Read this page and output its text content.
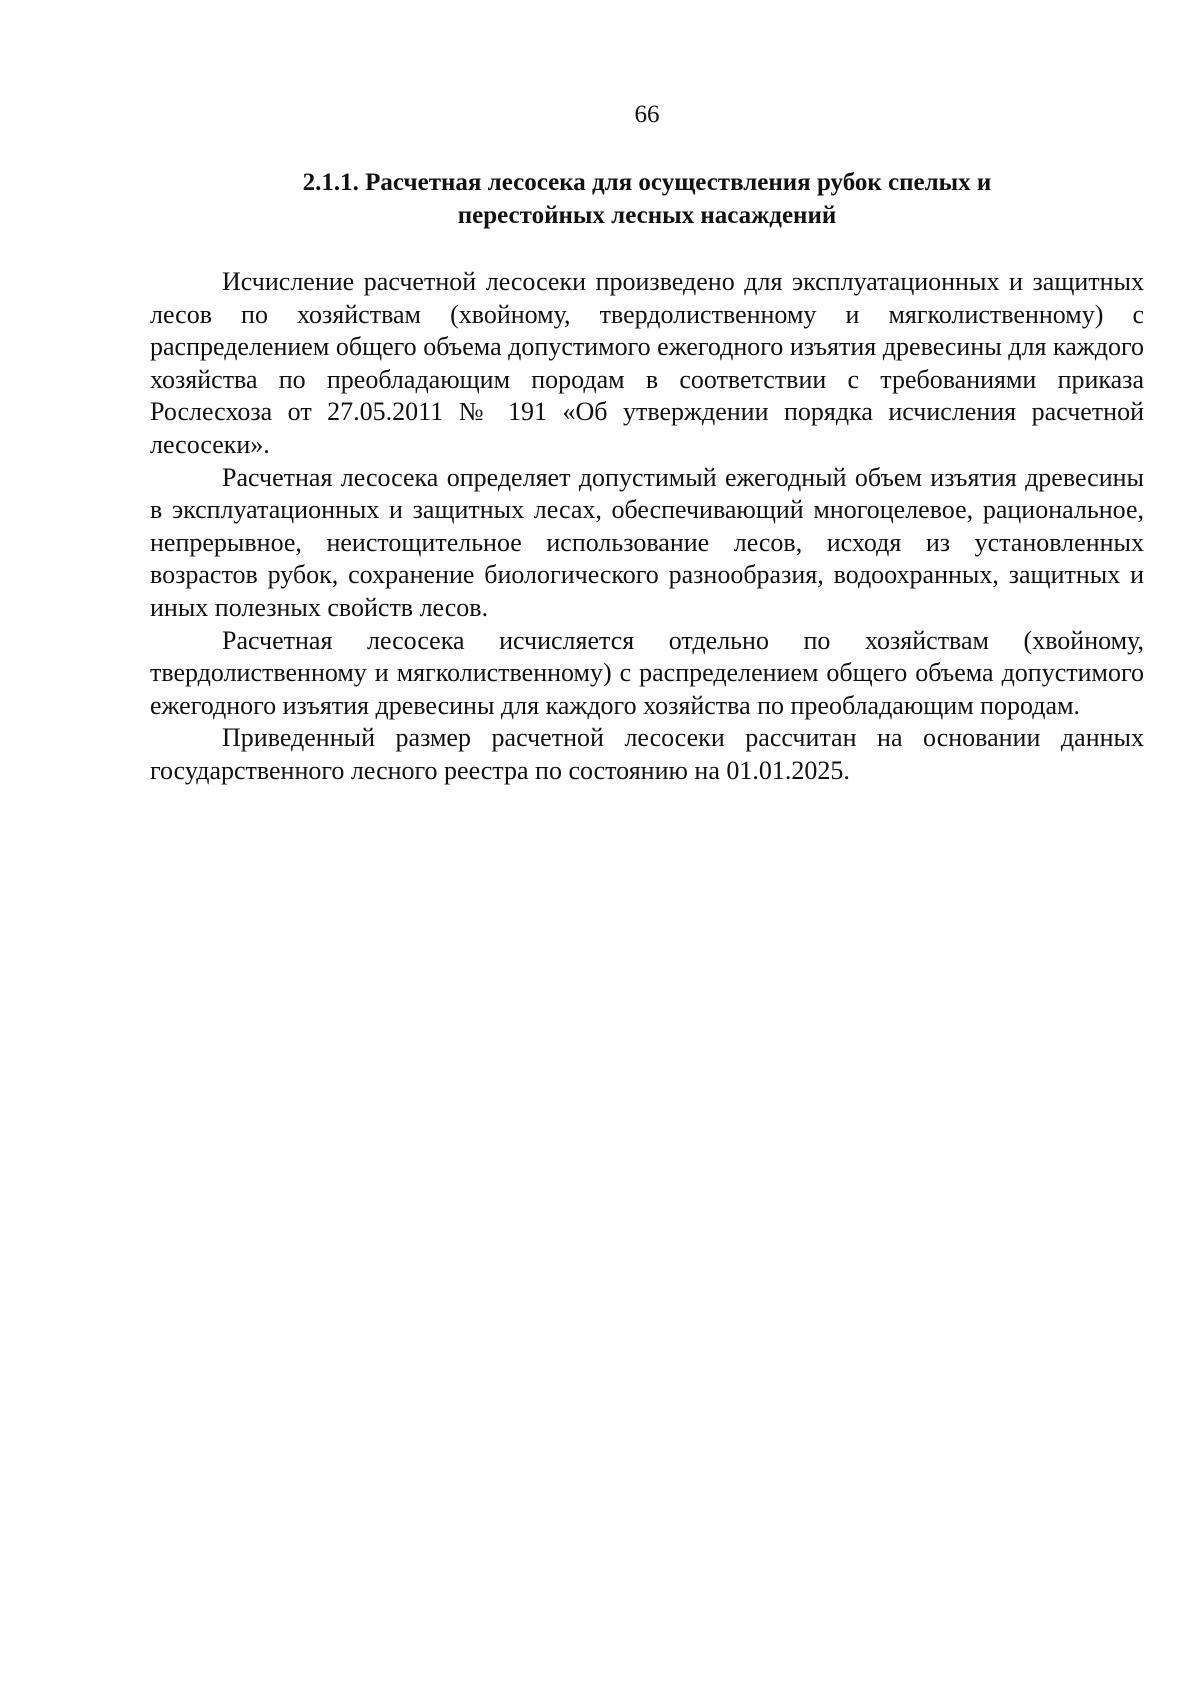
66
2.1.1. Расчетная лесосека для осуществления рубок спелых и
перестойных лесных насаждений

Исчисление расчетной лесосеки произведено для эксплуатационных и защитных лесов по хозяйствам (хвойному, твердолиственному и мягколиственному) с распределением общего объема допустимого ежегодного изъятия древесины для каждого хозяйства по преобладающим породам в соответствии с требованиями приказа Рослесхоза от 27.05.2011 № 191 «Об утверждении порядка исчисления расчетной лесосеки».

Расчетная лесосека определяет допустимый ежегодный объем изъятия древесины в эксплуатационных и защитных лесах, обеспечивающий многоцелевое, рациональное, непрерывное, неистощительное использование лесов, исходя из установленных возрастов рубок, сохранение биологического разнообразия, водоохранных, защитных и иных полезных свойств лесов.

Расчетная лесосека исчисляется отдельно по хозяйствам (хвойному, твердолиственному и мягколиственному) с распределением общего объема допустимого ежегодного изъятия древесины для каждого хозяйства по преобладающим породам.

Приведенный размер расчетной лесосеки рассчитан на основании данных государственного лесного реестра по состоянию на 01.01.2025.
